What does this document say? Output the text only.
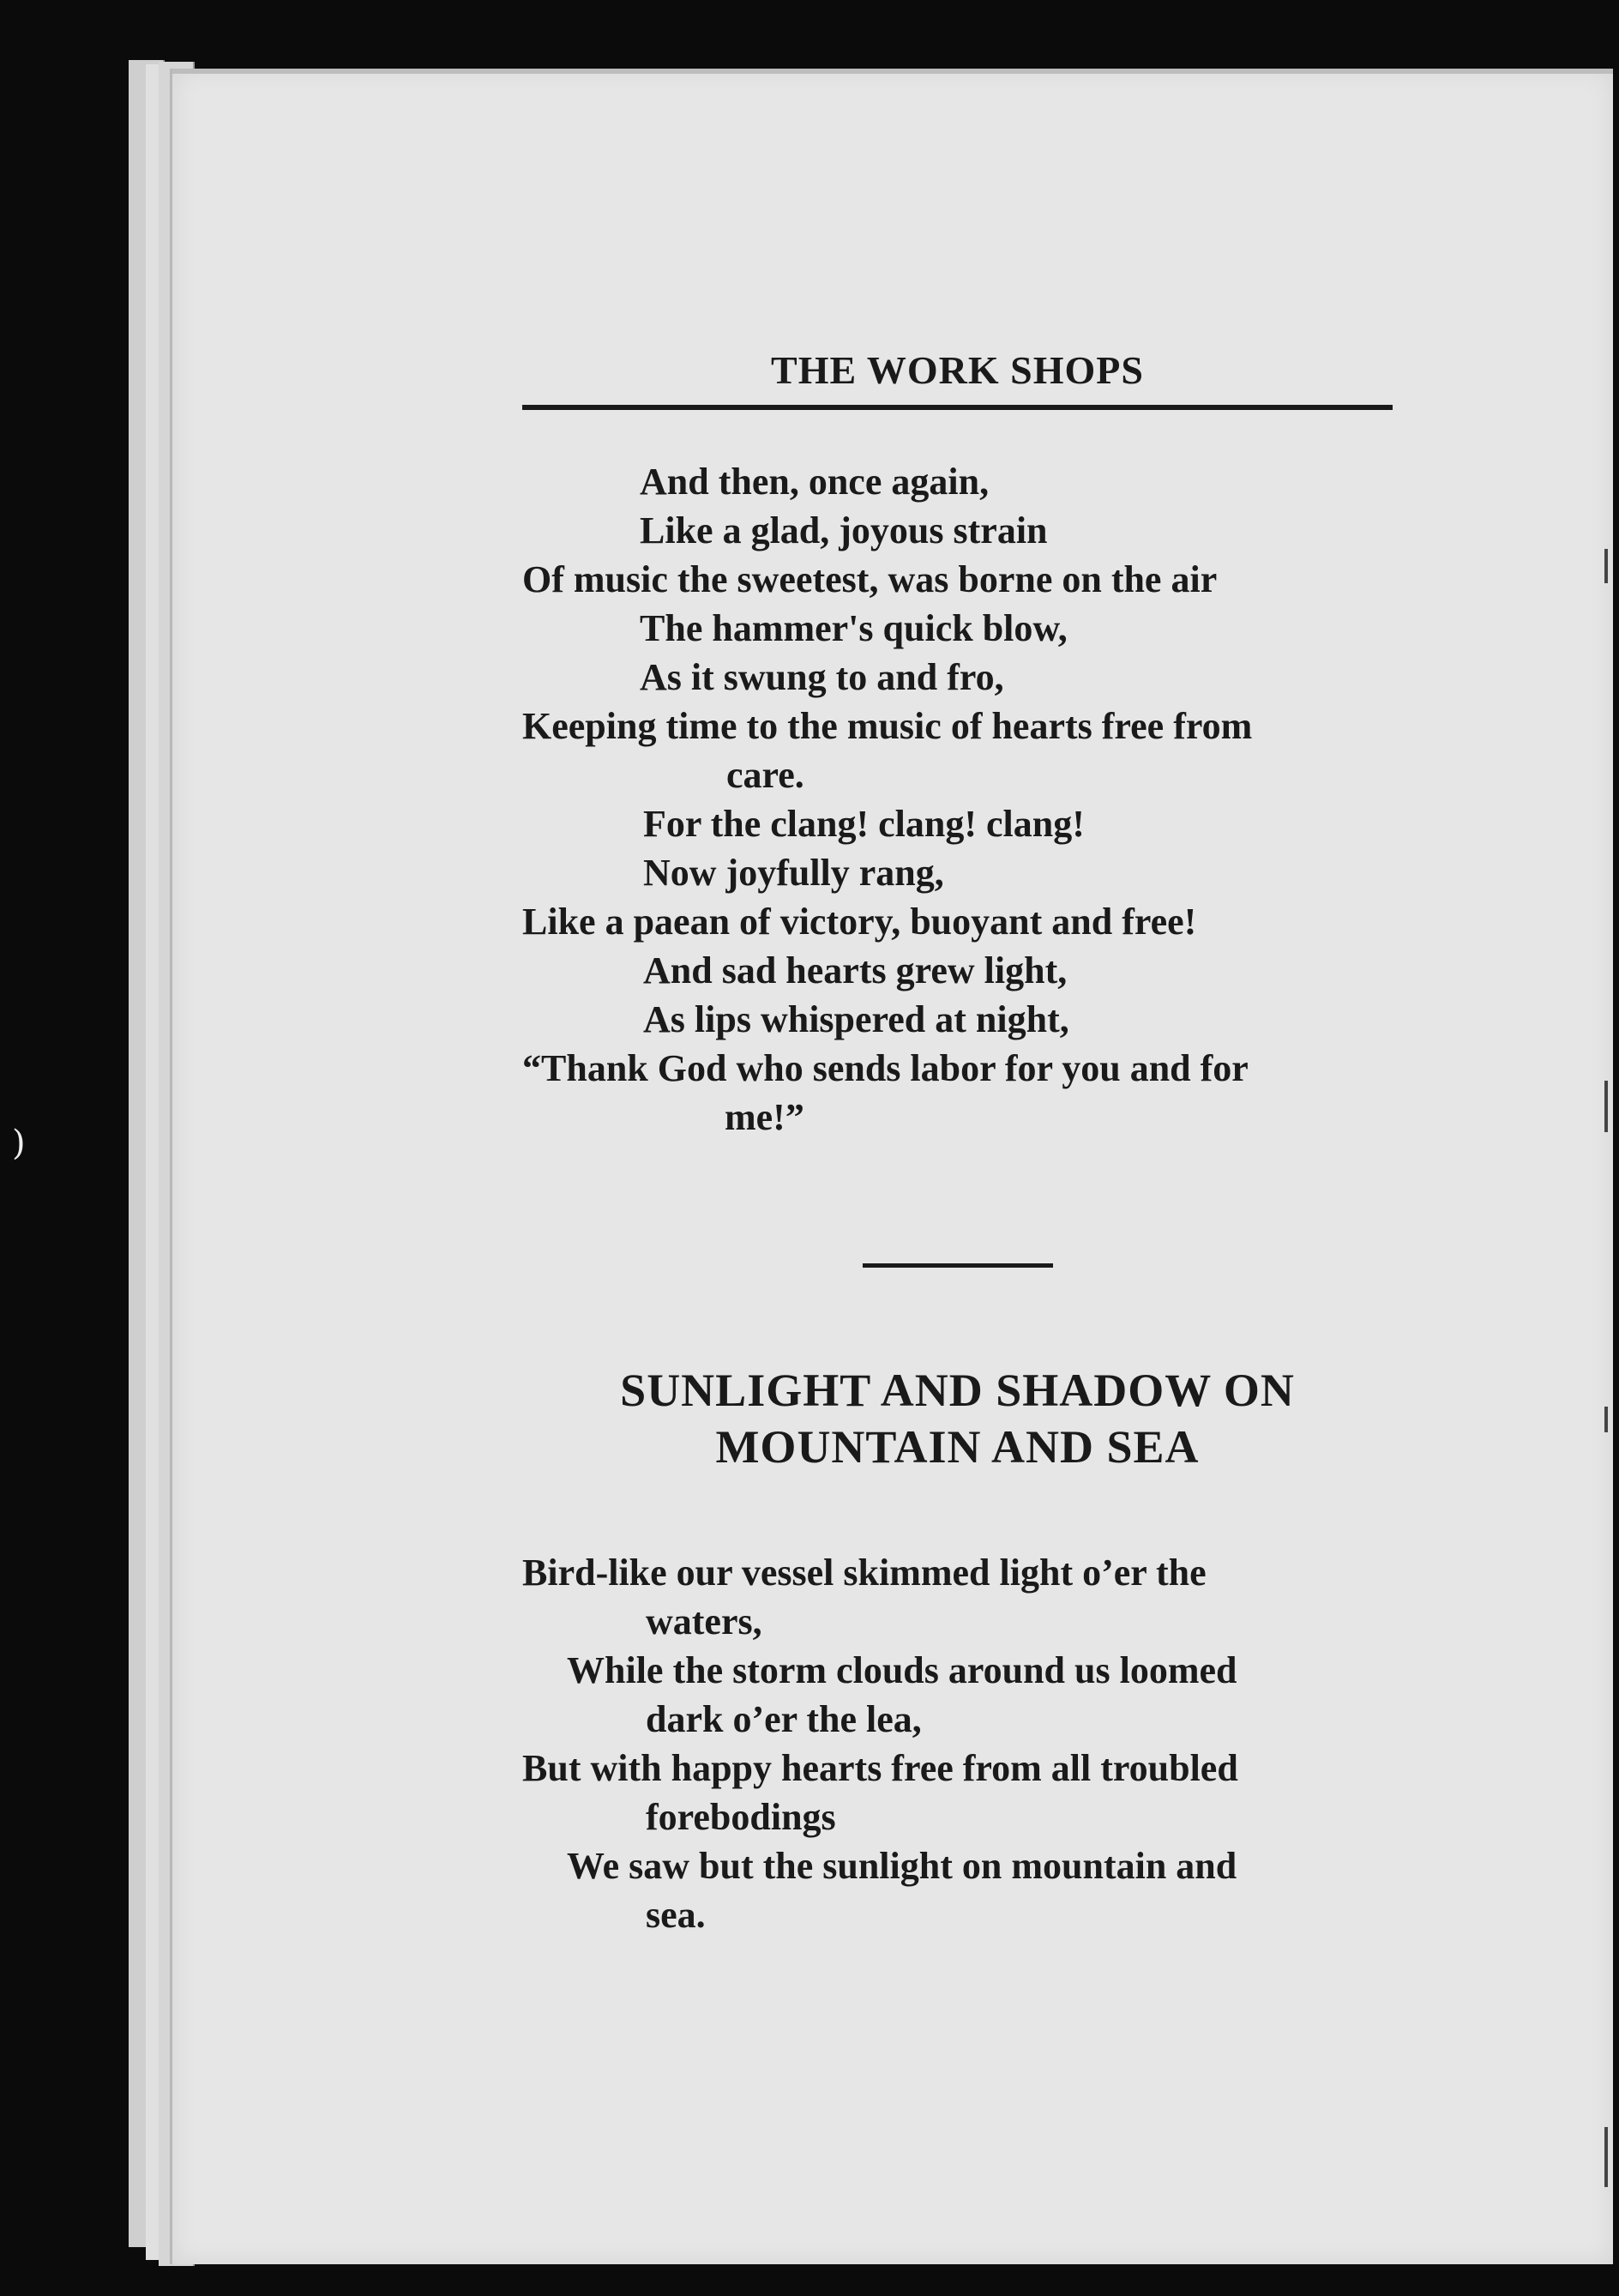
)
THE WORK SHOPS
And then, once again,
Like a glad, joyous strain
Of music the sweetest, was borne on the air
The hammer's quick blow,
As it swung to and fro,
Keeping time to the music of hearts free from
care.
For the clang! clang! clang!
Now joyfully rang,
Like a paean of victory, buoyant and free!
And sad hearts grew light,
As lips whispered at night,
“Thank God who sends labor for you and for
me!”
SUNLIGHT AND SHADOW ON
MOUNTAIN AND SEA
Bird-like our vessel skimmed light o’er the
waters,
While the storm clouds around us loomed
dark o’er the lea,
But with happy hearts free from all troubled
forebodings
We saw but the sunlight on mountain and
sea.
